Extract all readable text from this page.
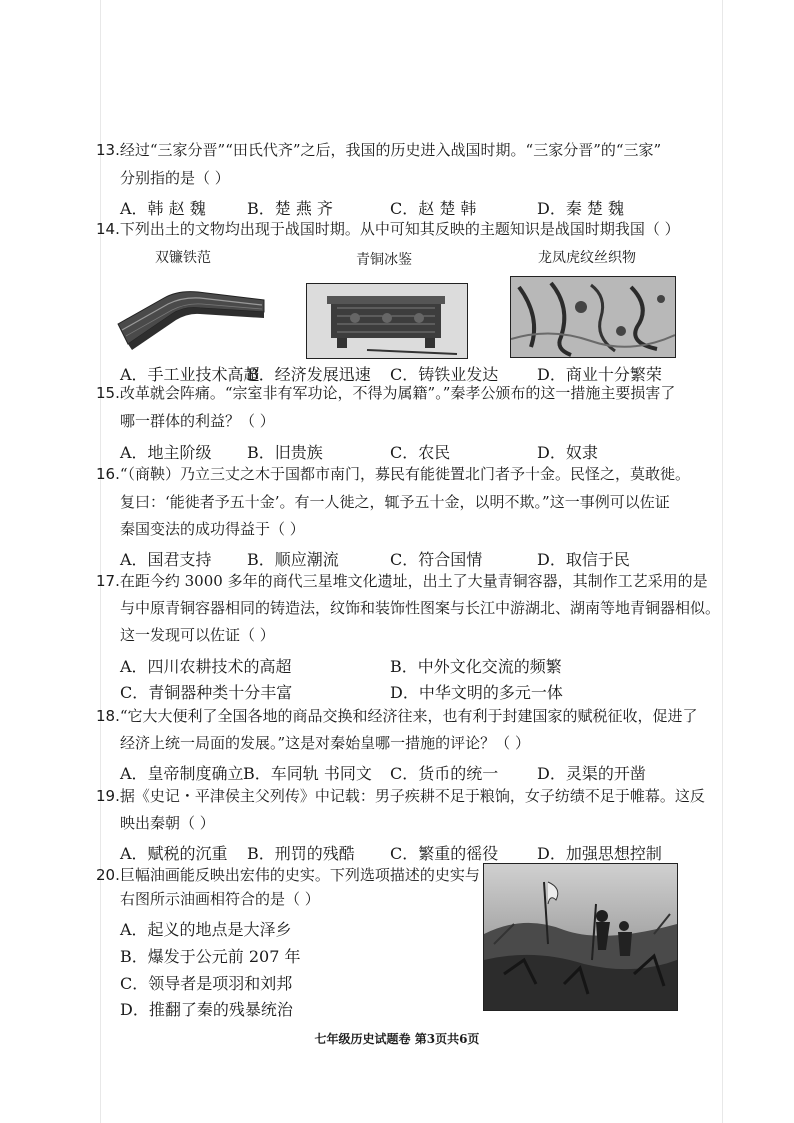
13.经过“三家分晋”“田氏代齐”之后，我国的历史进入战国时期。“三家分晋”的“三家”
分别指的是（ ）
A．韩 赵 魏	B．楚 燕 齐	C．赵 楚 韩	D．秦 楚 魏
14.下列出土的文物均出现于战国时期。从中可知其反映的主题知识是战国时期我国（ ）
双镰铁范	青铜冰鉴	龙凤虎纹丝织物
A．手工业技术高超
B．经济发展迅速 C．铸铁业发达 D．商业十分繁荣
15.改革就会阵痛。“宗室非有军功论，不得为属籍”。”秦孝公颁布的这一措施主要损害了
哪一群体的利益？（ ）
A．地主阶级 B．旧贵族	C．农民	D．奴隶
16.“（商鞅）乃立三丈之木于国都市南门，募民有能徙置北门者予十金。民怪之，莫敢徙。
复曰：‘能徙者予五十金’。有一人徙之，辄予五十金，以明不欺。”这一事例可以佐证
秦国变法的成功得益于（ ）
A．国君支持 B．顺应潮流	C．符合国情	D．取信于民
17.在距今约 3000 多年的商代三星堆文化遗址，出土了大量青铜容器，其制作工艺采用的是
与中原青铜容器相同的铸造法，纹饰和装饰性图案与长江中游湖北、湖南等地青铜器相似。
这一发现可以佐证（ ）
A．四川农耕技术的高超	B．中外文化交流的频繁
C．青铜器种类十分丰富	D．中华文明的多元一体
18.“它大大便利了全国各地的商品交换和经济往来，也有利于封建国家的赋税征收，促进了
经济上统一局面的发展。”这是对秦始皇哪一措施的评论？（ ）
A．皇帝制度确立 B．车同轨 书同文 C．货币的统一 D．灵渠的开凿
19.据《史记・平津侯主父列传》中记载：男子疾耕不足于粮饷，女子纺绩不足于帷幕。这反
映出秦朝（ ）
A．赋税的沉重 B．刑罚的残酷 C．繁重的徭役 D．加强思想控制
20.巨幅油画能反映出宏伟的史实。下列选项描述的史实与
右图所示油画相符合的是（ ）
A．起义的地点是大泽乡
B．爆发于公元前 207 年
C．领导者是项羽和刘邦
D．推翻了秦的残暴统治
七年级历史试题卷 第3页共6页
